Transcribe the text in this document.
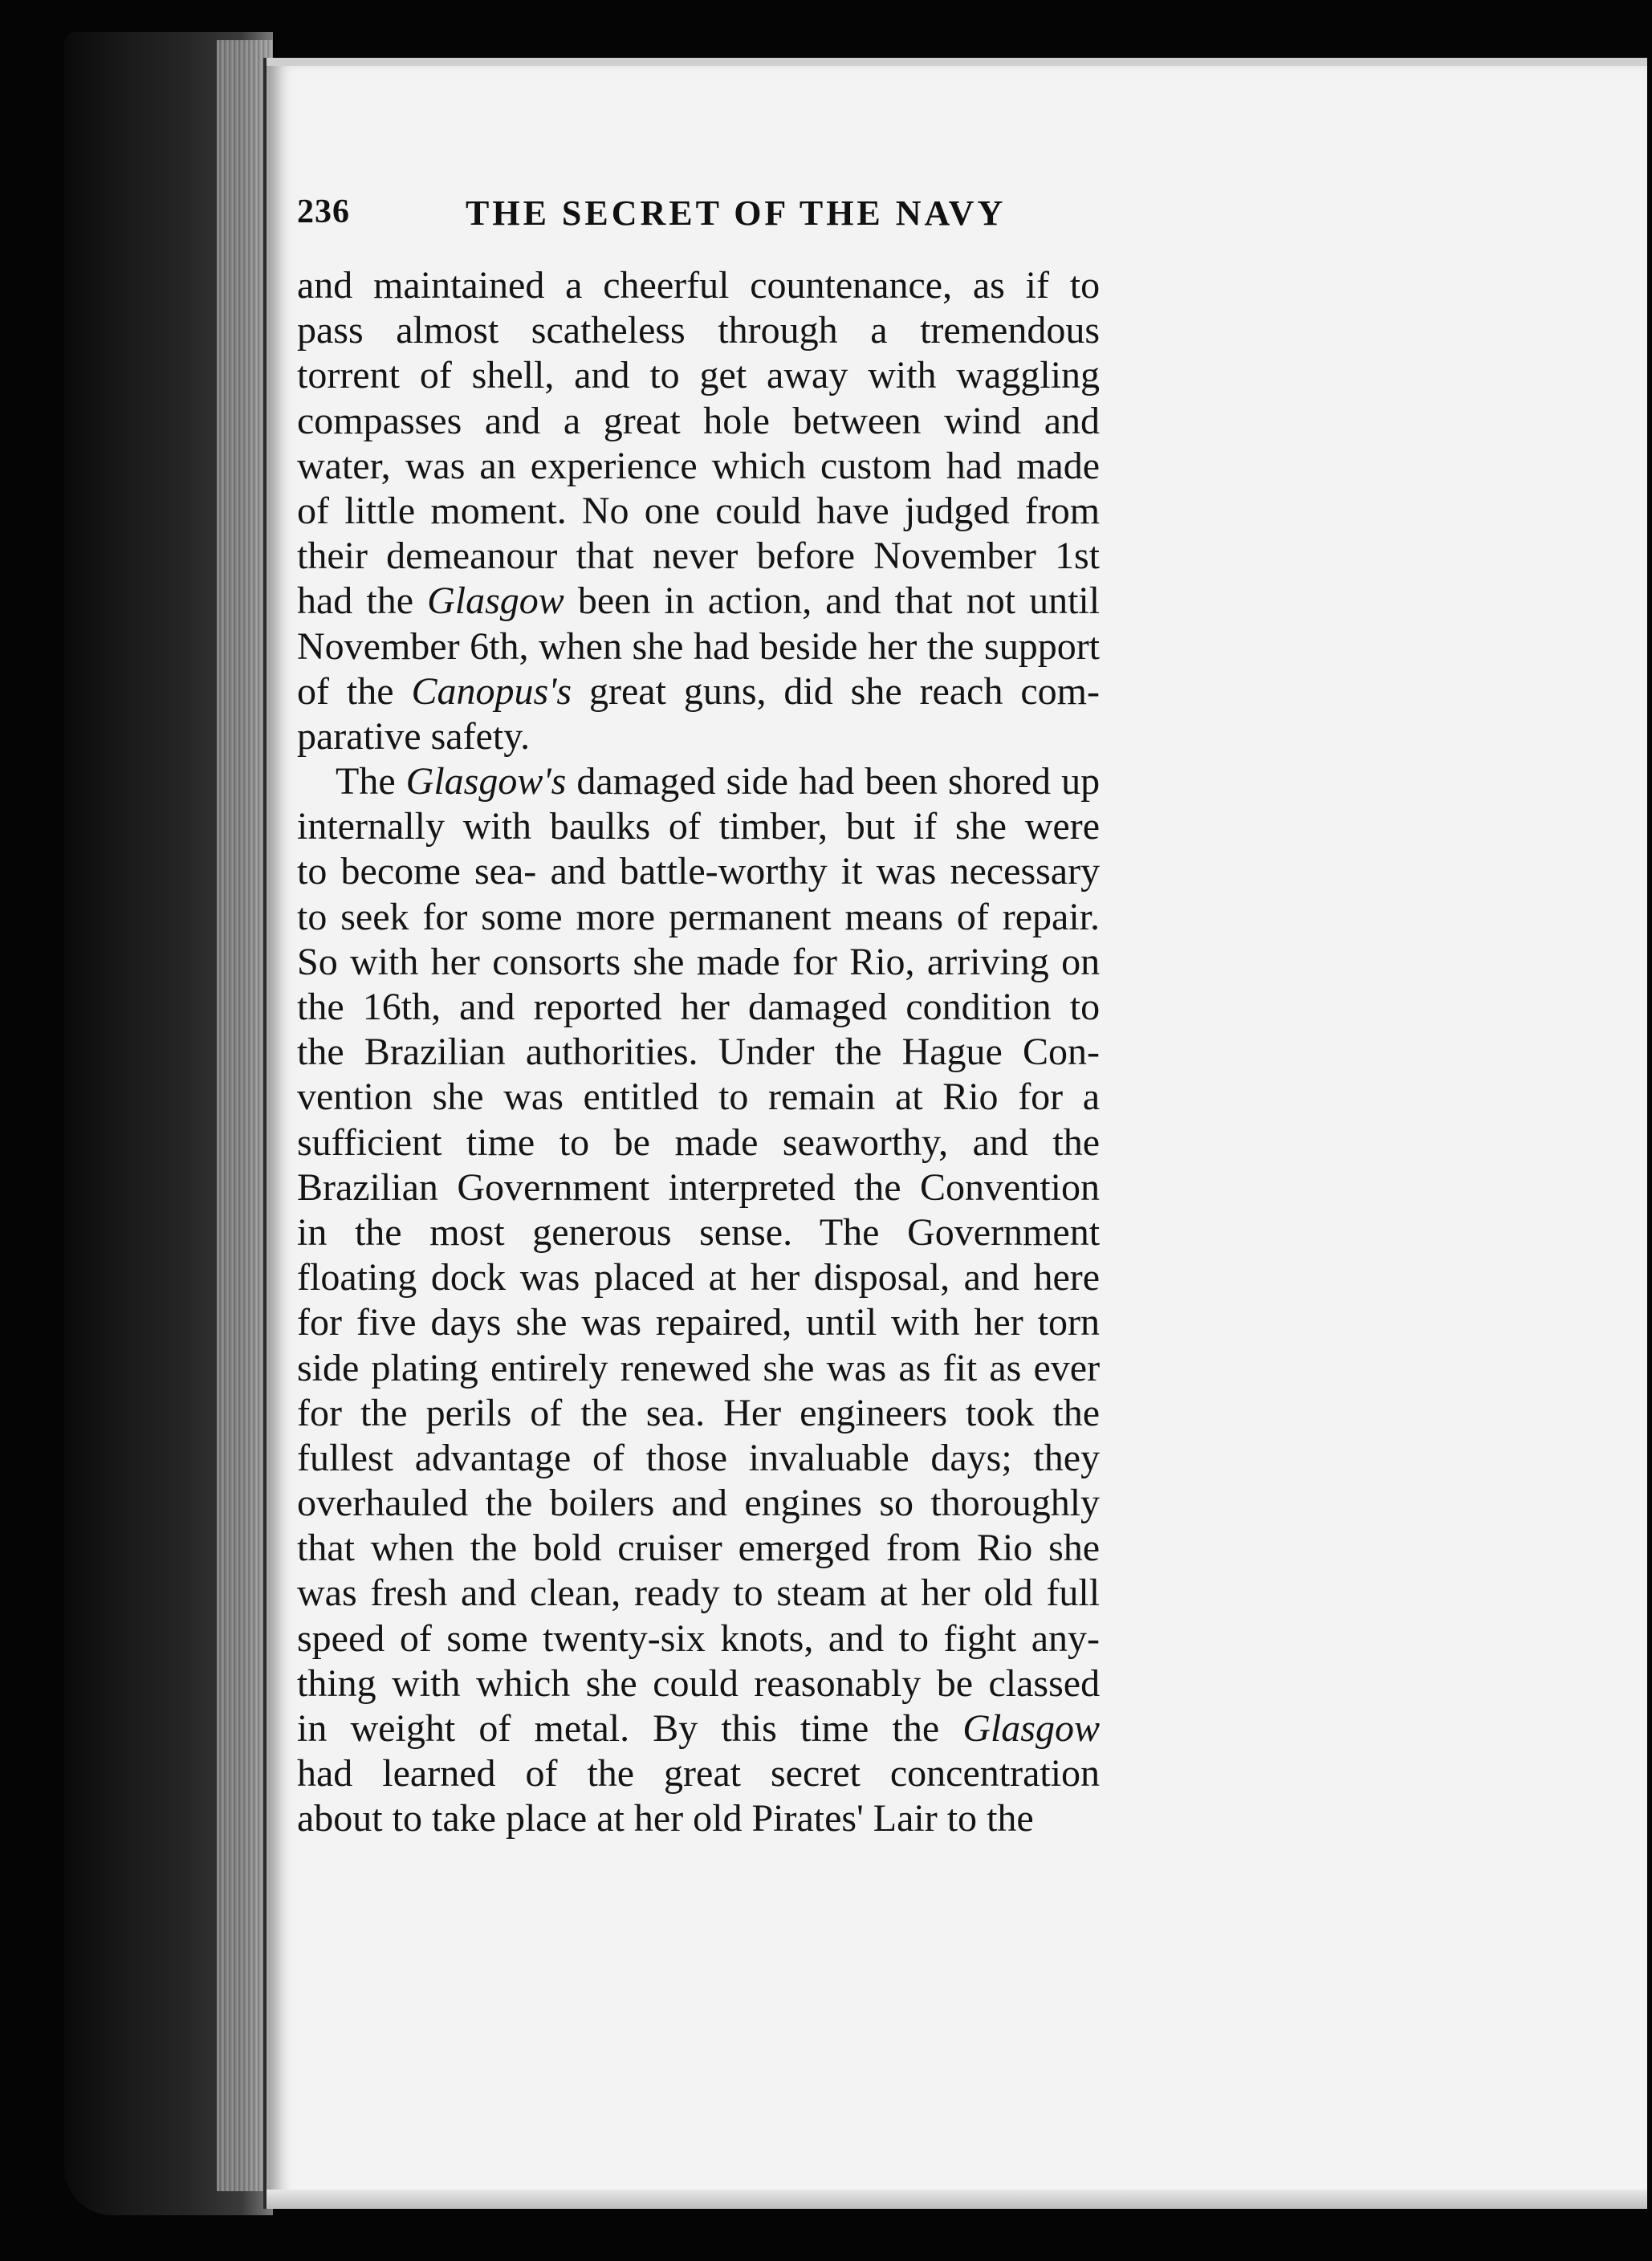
236	THE SECRET OF THE NAVY
and maintained a cheerful countenance, as if to
pass almost scatheless through a tremendous
torrent of shell, and to get away with waggling
compasses and a great hole between wind and
water, was an experience which custom had made
of little moment. No one could have judged from
their demeanour that never before November 1st
had the Glasgow been in action, and that not until
November 6th, when she had beside her the support
of the Canopus's great guns, did she reach com-
parative safety.
The Glasgow's damaged side had been shored up
internally with baulks of timber, but if she were
to become sea- and battle-worthy it was necessary
to seek for some more permanent means of repair.
So with her consorts she made for Rio, arriving on
the 16th, and reported her damaged condition to
the Brazilian authorities. Under the Hague Con-
vention she was entitled to remain at Rio for a
sufficient time to be made seaworthy, and the
Brazilian Government interpreted the Convention
in the most generous sense. The Government
floating dock was placed at her disposal, and here
for five days she was repaired, until with her torn
side plating entirely renewed she was as fit as ever
for the perils of the sea. Her engineers took the
fullest advantage of those invaluable days; they
overhauled the boilers and engines so thoroughly
that when the bold cruiser emerged from Rio she
was fresh and clean, ready to steam at her old full
speed of some twenty-six knots, and to fight any-
thing with which she could reasonably be classed
in weight of metal. By this time the Glasgow
had learned of the great secret concentration
about to take place at her old Pirates' Lair to the
